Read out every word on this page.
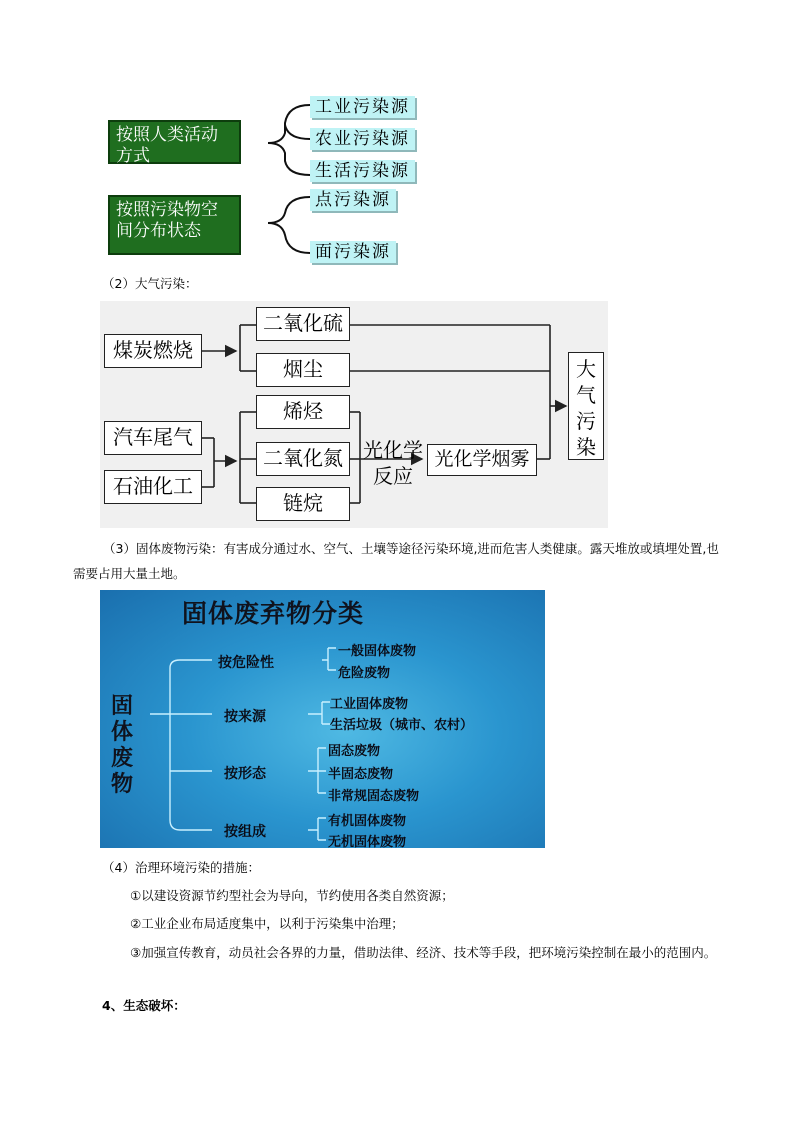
按照人类活动方式
按照污染物空间分布状态
工业污染源
农业污染源
生活污染源
点污染源
面污染源
（2）大气污染：
煤炭燃烧
二氧化硫
烟尘
汽车尾气
石油化工
烯烃
二氧化氮
链烷
光化学反应
光化学烟雾
大气污染
（3）固体废物污染：有害成分通过水、空气、土壤等途径污染环境,进而危害人类健康。露天堆放或填埋处置,也需要占用大量土地。
固体废弃物分类
固体废物
按危险性
按来源
按形态
按组成
一般固体废物
危险废物
工业固体废物
生活垃圾（城市、农村）
固态废物
半固态废物
非常规固态废物
有机固体废物
无机固体废物
（4）治理环境污染的措施：
①以建设资源节约型社会为导向，节约使用各类自然资源；
②工业企业布局适度集中，以利于污染集中治理；
③加强宣传教育，动员社会各界的力量，借助法律、经济、技术等手段，把环境污染控制在最小的范围内。
4、生态破坏：
